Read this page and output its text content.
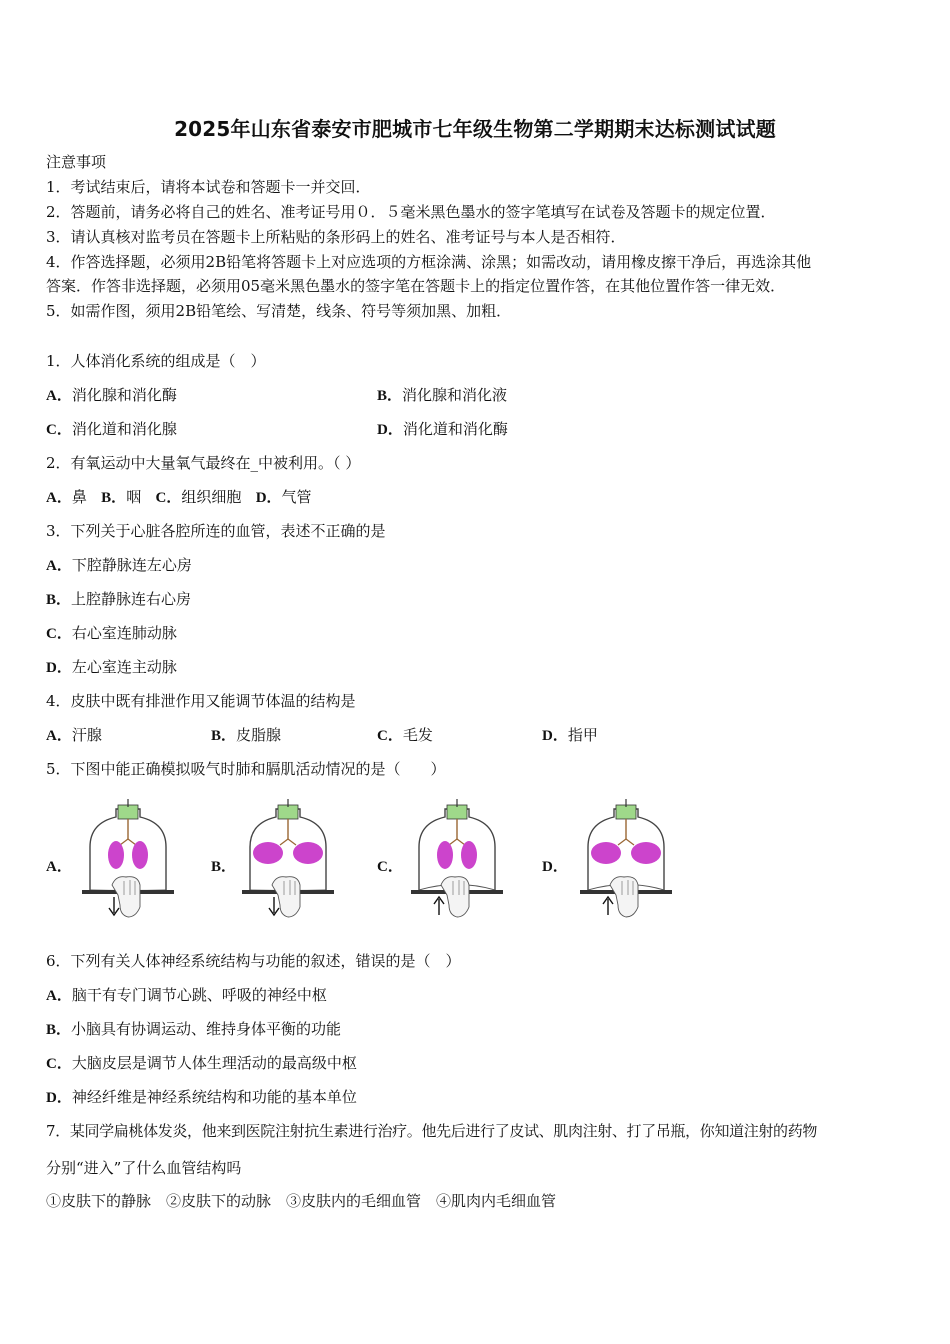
2025年山东省泰安市肥城市七年级生物第二学期期末达标测试试题
注意事项
1．考试结束后，请将本试卷和答题卡一并交回．
2．答题前，请务必将自己的姓名、准考证号用０．５毫米黑色墨水的签字笔填写在试卷及答题卡的规定位置．
3．请认真核对监考员在答题卡上所粘贴的条形码上的姓名、准考证号与本人是否相符．
4．作答选择题，必须用2B铅笔将答题卡上对应选项的方框涂满、涂黑；如需改动，请用橡皮擦干净后，再选涂其他
答案．作答非选择题，必须用05毫米黑色墨水的签字笔在答题卡上的指定位置作答，在其他位置作答一律无效．
5．如需作图，须用2B铅笔绘、写清楚，线条、符号等须加黑、加粗．
1．人体消化系统的组成是（　）
A．消化腺和消化酶	B．消化腺和消化液
C．消化道和消化腺	D．消化道和消化酶
2．有氧运动中大量氧气最终在_中被利用。（ ）
A．鼻 B．咽 C．组织细胞 D．气管
3．下列关于心脏各腔所连的血管，表述不正确的是
A．下腔静脉连左心房
B．上腔静脉连右心房
C．右心室连肺动脉
D．左心室连主动脉
4．皮肤中既有排泄作用又能调节体温的结构是
A．汗腺	B．皮脂腺	C．毛发	D．指甲
5．下图中能正确模拟吸气时肺和膈肌活动情况的是（　　）
A．	B．	C．	D．
6．下列有关人体神经系统结构与功能的叙述，错误的是（　）
A．脑干有专门调节心跳、呼吸的神经中枢
B．小脑具有协调运动、维持身体平衡的功能
C．大脑皮层是调节人体生理活动的最高级中枢
D．神经纤维是神经系统结构和功能的基本单位
7．某同学扁桃体发炎，他来到医院注射抗生素进行治疗。他先后进行了皮试、肌肉注射、打了吊瓶，你知道注射的药物
分别“进入”了什么血管结构吗
①皮肤下的静脉　②皮肤下的动脉　③皮肤内的毛细血管　④肌肉内毛细血管
